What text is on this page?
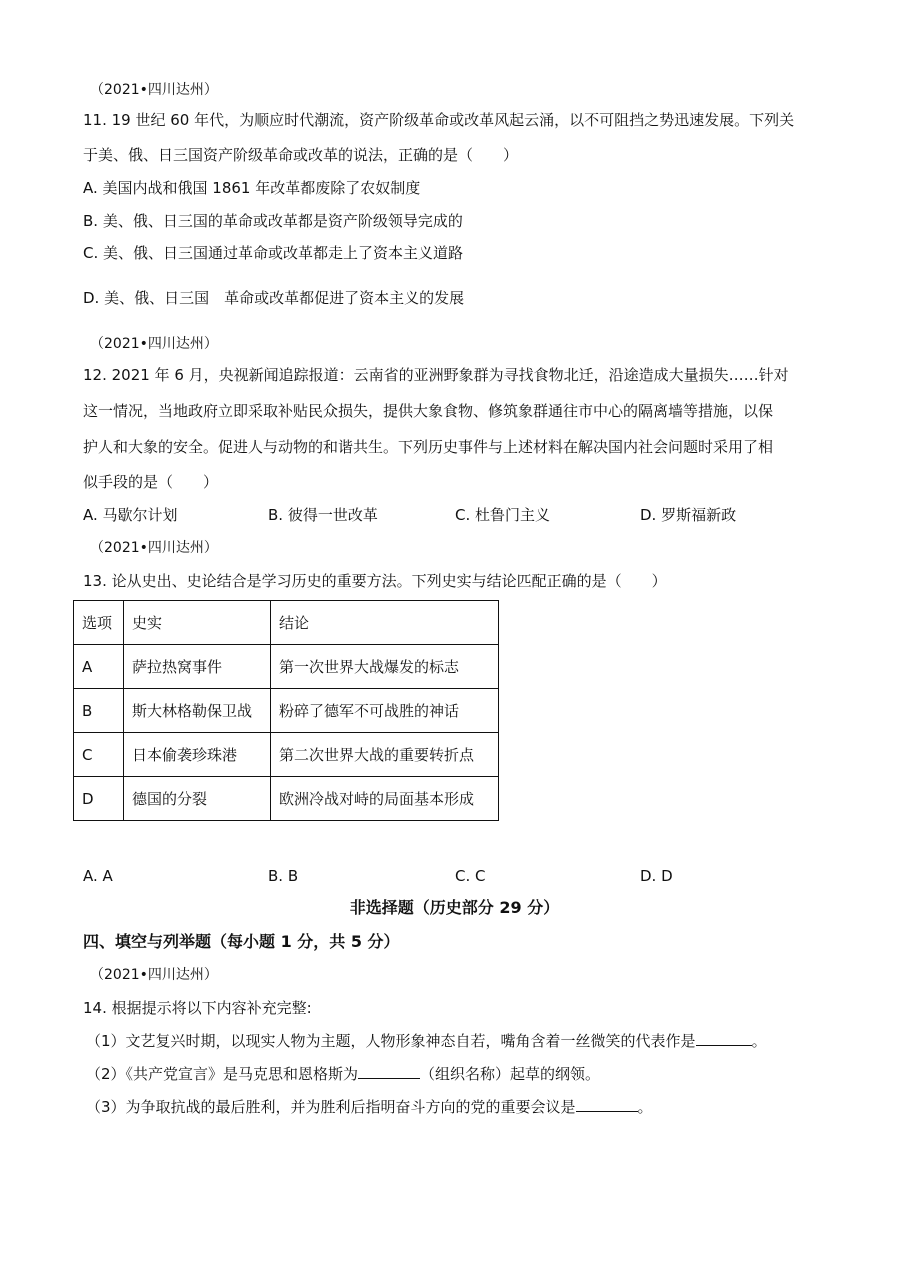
（2021•四川达州）
11. 19 世纪 60 年代，为顺应时代潮流，资产阶级革命或改革风起云涌，以不可阻挡之势迅速发展。下列关
于美、俄、日三国资产阶级革命或改革的说法，正确的是（　　）
A. 美国内战和俄国 1861 年改革都废除了农奴制度
B. 美、俄、日三国的革命或改革都是资产阶级领导完成的
C. 美、俄、日三国通过革命或改革都走上了资本主义道路
D. 美、俄、日三国　革命或改革都促进了资本主义的发展
（2021•四川达州）
12. 2021 年 6 月，央视新闻追踪报道：云南省的亚洲野象群为寻找食物北迁，沿途造成大量损失……针对
这一情况，当地政府立即采取补贴民众损失，提供大象食物、修筑象群通往市中心的隔离墙等措施，以保
护人和大象的安全。促进人与动物的和谐共生。下列历史事件与上述材料在解决国内社会问题时采用了相
似手段的是（　　）
A. 马歇尔计划	B. 彼得一世改革	C. 杜鲁门主义	D. 罗斯福新政
（2021•四川达州）
13. 论从史出、史论结合是学习历史的重要方法。下列史实与结论匹配正确的是（　　）
选项	史实	结论
A	萨拉热窝事件	第一次世界大战爆发的标志
B	斯大林格勒保卫战	粉碎了德军不可战胜的神话
C	日本偷袭珍珠港	第二次世界大战的重要转折点
D	德国的分裂	欧洲冷战对峙的局面基本形成
A. A	B. B	C. C	D. D
非选择题（历史部分 29 分）
四、填空与列举题（每小题 1 分，共 5 分）
（2021•四川达州）
14. 根据提示将以下内容补充完整:
（1）文艺复兴时期，以现实人物为主题，人物形象神态自若，嘴角含着一丝微笑的代表作是	。
（2）《共产党宣言》是马克思和恩格斯为	（组织名称）起草的纲领。
（3）为争取抗战的最后胜利，并为胜利后指明奋斗方向的党的重要会议是	。
